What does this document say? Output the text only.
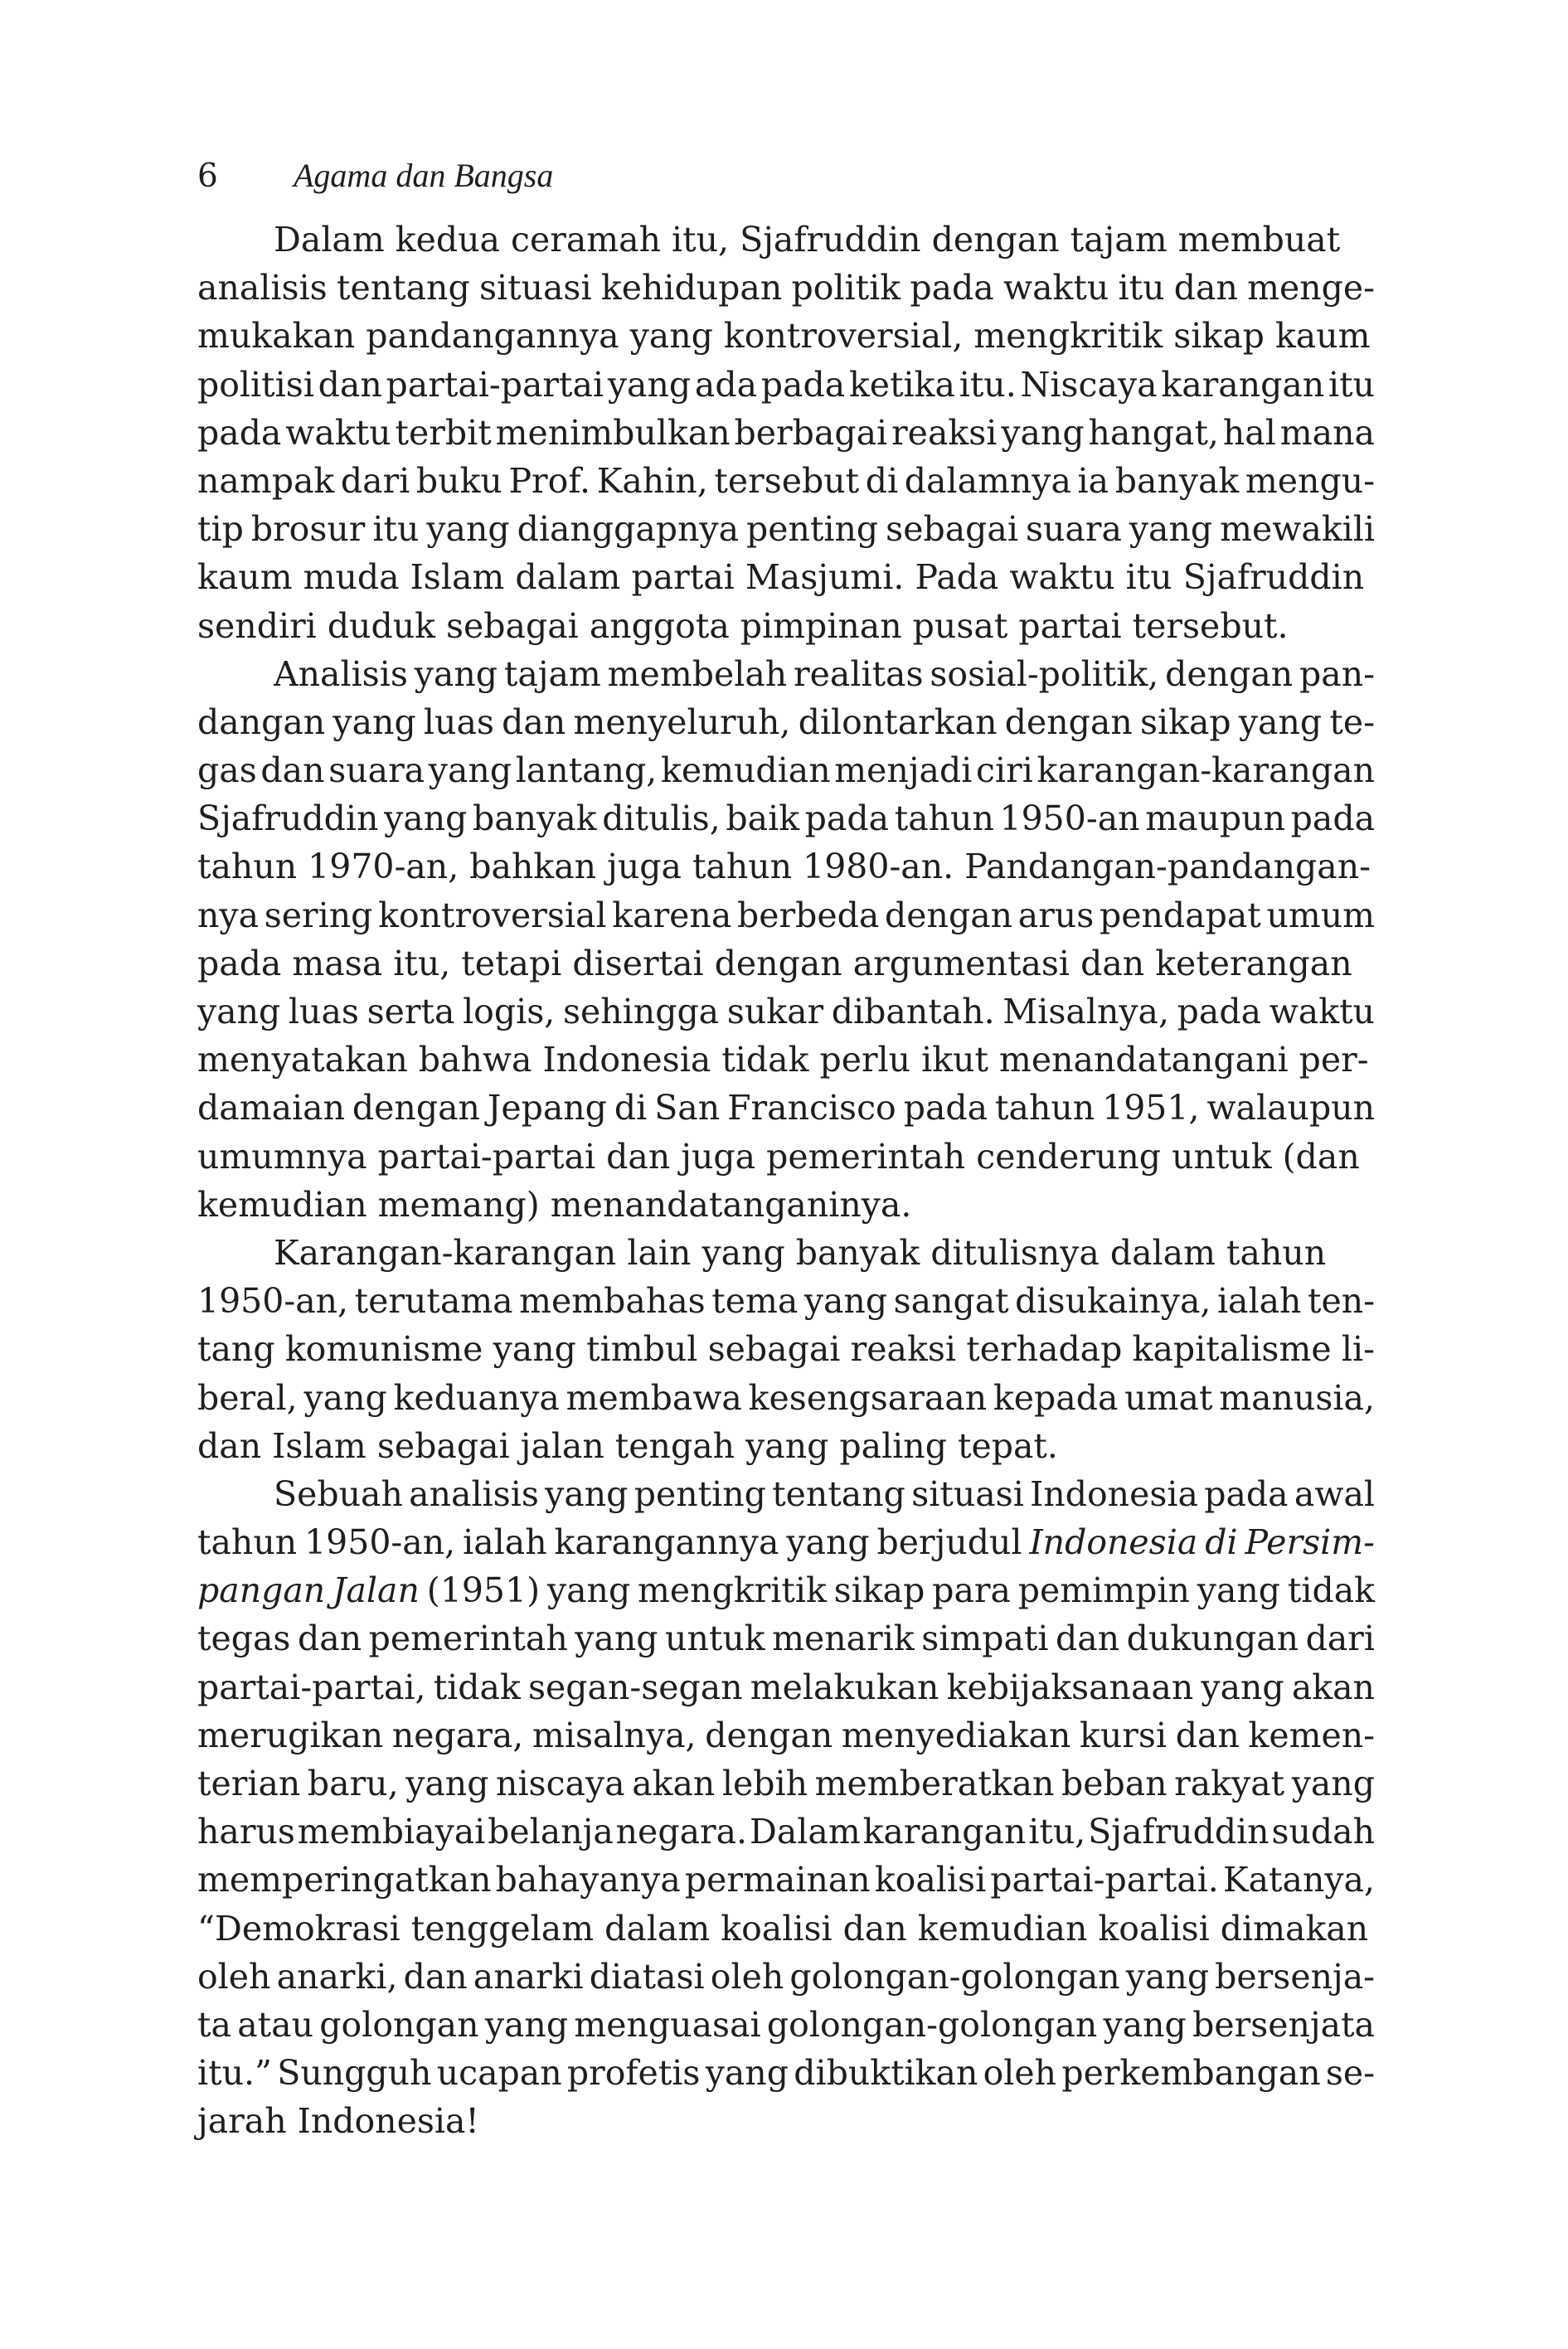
6 Agama dan Bangsa
Dalam kedua ceramah itu, Sjafruddin dengan tajam membuat
analisis tentang situasi kehidupan politik pada waktu itu dan menge-
mukakan pandangannya yang kontroversial, mengkritik sikap kaum
politisi dan partai-partai yang ada pada ketika itu. Niscaya karangan itu
pada waktu terbit menimbulkan berbagai reaksi yang hangat, hal mana
nampak dari buku Prof. Kahin, tersebut di dalamnya ia banyak mengu-
tip brosur itu yang dianggapnya penting sebagai suara yang mewakili
kaum muda Islam dalam partai Masjumi. Pada waktu itu Sjafruddin
sendiri duduk sebagai anggota pimpinan pusat partai tersebut.
Analisis yang tajam membelah realitas sosial-politik, dengan pan-
dangan yang luas dan menyeluruh, dilontarkan dengan sikap yang te-
gas dan suara yang lantang, kemudian menjadi ciri karangan-karangan
Sjafruddin yang banyak ditulis, baik pada tahun 1950-an maupun pada
tahun 1970-an, bahkan juga tahun 1980-an. Pandangan-pandangan-
nya sering kontroversial karena berbeda dengan arus pendapat umum
pada masa itu, tetapi disertai dengan argumentasi dan keterangan
yang luas serta logis, sehingga sukar dibantah. Misalnya, pada waktu
menyatakan bahwa Indonesia tidak perlu ikut menandatangani per-
damaian dengan Jepang di San Francisco pada tahun 1951, walaupun
umumnya partai-partai dan juga pemerintah cenderung untuk (dan
kemudian memang) menandatanganinya.
Karangan-karangan lain yang banyak ditulisnya dalam tahun
1950-an, terutama membahas tema yang sangat disukainya, ialah ten-
tang komunisme yang timbul sebagai reaksi terhadap kapitalisme li-
beral, yang keduanya membawa kesengsaraan kepada umat manusia,
dan Islam sebagai jalan tengah yang paling tepat.
Sebuah analisis yang penting tentang situasi Indonesia pada awal
tahun 1950-an, ialah karangannya yang berjudul Indonesia di Persim-
pangan Jalan (1951) yang mengkritik sikap para pemimpin yang tidak
tegas dan pemerintah yang untuk menarik simpati dan dukungan dari
partai-partai, tidak segan-segan melakukan kebijaksanaan yang akan
merugikan negara, misalnya, dengan menyediakan kursi dan kemen-
terian baru, yang niscaya akan lebih memberatkan beban rakyat yang
harus membiayai belanja negara. Dalam karangan itu, Sjafruddin sudah
memperingatkan bahayanya permainan koalisi partai-partai. Katanya,
“Demokrasi tenggelam dalam koalisi dan kemudian koalisi dimakan
oleh anarki, dan anarki diatasi oleh golongan-golongan yang bersenja-
ta atau golongan yang menguasai golongan-golongan yang bersenjata
itu.” Sungguh ucapan profetis yang dibuktikan oleh perkembangan se-
jarah Indonesia!
